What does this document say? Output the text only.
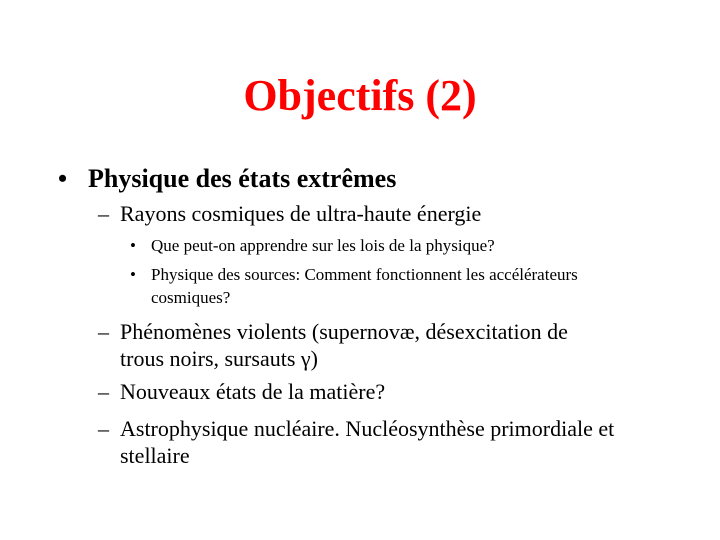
Objectifs (2)
• Physique des états extrêmes
– Rayons cosmiques de ultra-haute énergie
• Que peut-on apprendre sur les lois de la physique?
• Physique des sources: Comment fonctionnent les accélérateurs
cosmiques?
– Phénomènes violents (supernovæ, désexcitation de
trous noirs, sursauts γ)
– Nouveaux états de la matière?
– Astrophysique nucléaire. Nucléosynthèse primordiale et
stellaire
